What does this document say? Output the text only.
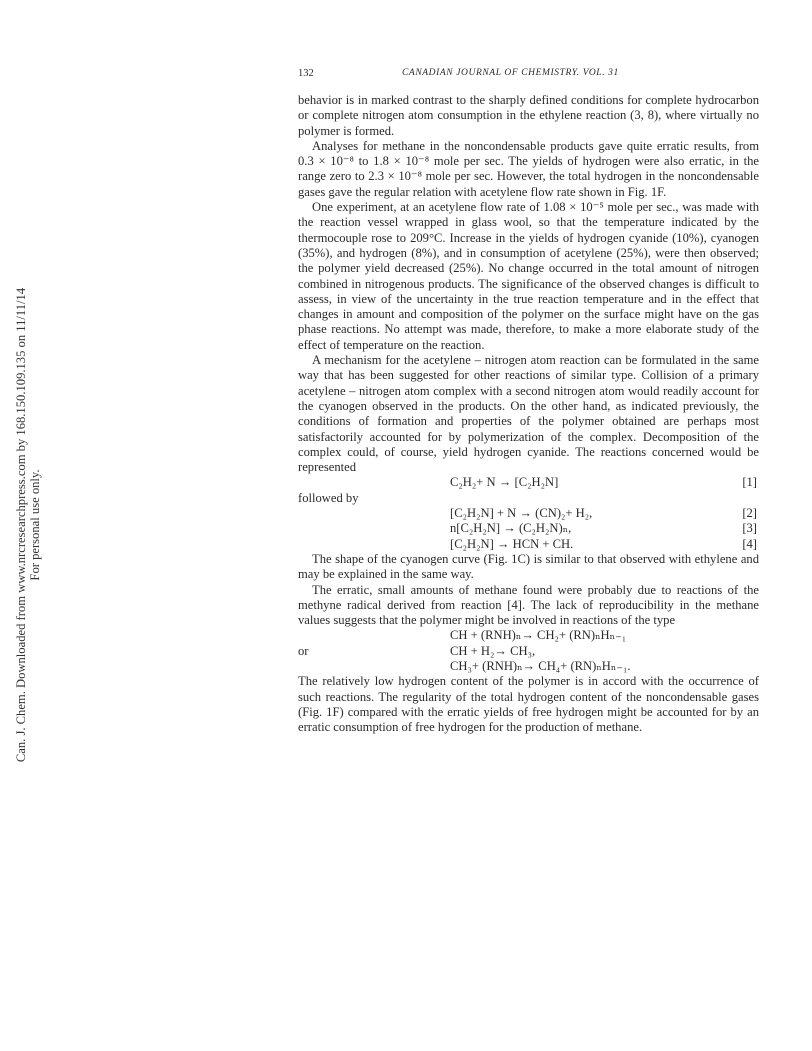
132	CANADIAN JOURNAL OF CHEMISTRY. VOL. 31
Can. J. Chem. Downloaded from www.nrcresearchpress.com by 168.150.109.135 on 11/11/14 For personal use only.

behavior is in marked contrast to the sharply defined conditions for complete hydrocarbon or complete nitrogen atom consumption in the ethylene reaction (3, 8), where virtually no polymer is formed.

Analyses for methane in the noncondensable products gave quite erratic results, from 0.3 × 10⁻⁸ to 1.8 × 10⁻⁸ mole per sec. The yields of hydrogen were also erratic, in the range zero to 2.3 × 10⁻⁸ mole per sec. However, the total hydrogen in the noncondensable gases gave the regular relation with acetylene flow rate shown in Fig. 1F.

One experiment, at an acetylene flow rate of 1.08 × 10⁻⁵ mole per sec., was made with the reaction vessel wrapped in glass wool, so that the temperature indicated by the thermocouple rose to 209°C. Increase in the yields of hydrogen cyanide (10%), cyanogen (35%), and hydrogen (8%), and in consumption of acetylene (25%), were then observed; the polymer yield decreased (25%). No change occurred in the total amount of nitrogen combined in nitrogenous products. The significance of the observed changes is difficult to assess, in view of the uncertainty in the true reaction temperature and in the effect that changes in amount and composition of the polymer on the surface might have on the gas phase reactions. No attempt was made, therefore, to make a more elaborate study of the effect of temperature on the reaction.

A mechanism for the acetylene – nitrogen atom reaction can be formulated in the same way that has been suggested for other reactions of similar type. Collision of a primary acetylene – nitrogen atom complex with a second nitrogen atom would readily account for the cyanogen observed in the products. On the other hand, as indicated previously, the conditions of formation and properties of the polymer obtained are perhaps most satisfactorily accounted for by polymerization of the complex. Decomposition of the complex could, of course, yield hydrogen cyanide. The reactions concerned would be represented

C₂H₂+ N → [C₂H₂N]	[1]
followed by
[C₂H₂N] + N → (CN)₂+ H₂,	[2]
n[C₂H₂N] → (C₂H₂N)ₙ,	[3]
[C₂H₂N] → HCN + CH.	[4]

The shape of the cyanogen curve (Fig. 1C) is similar to that observed with ethylene and may be explained in the same way.

The erratic, small amounts of methane found were probably due to reactions of the methyne radical derived from reaction [4]. The lack of reproducibility in the methane values suggests that the polymer might be involved in reactions of the type

CH + (RNH)ₙ→ CH₂+ (RN)ₙHₙ₋₁
or	CH + H₂→ CH₃,
CH₃+ (RNH)ₙ→ CH₄+ (RN)ₙHₙ₋₁.

The relatively low hydrogen content of the polymer is in accord with the occurrence of such reactions. The regularity of the total hydrogen content of the noncondensable gases (Fig. 1F) compared with the erratic yields of free hydrogen might be accounted for by an erratic consumption of free hydrogen for the production of methane.
